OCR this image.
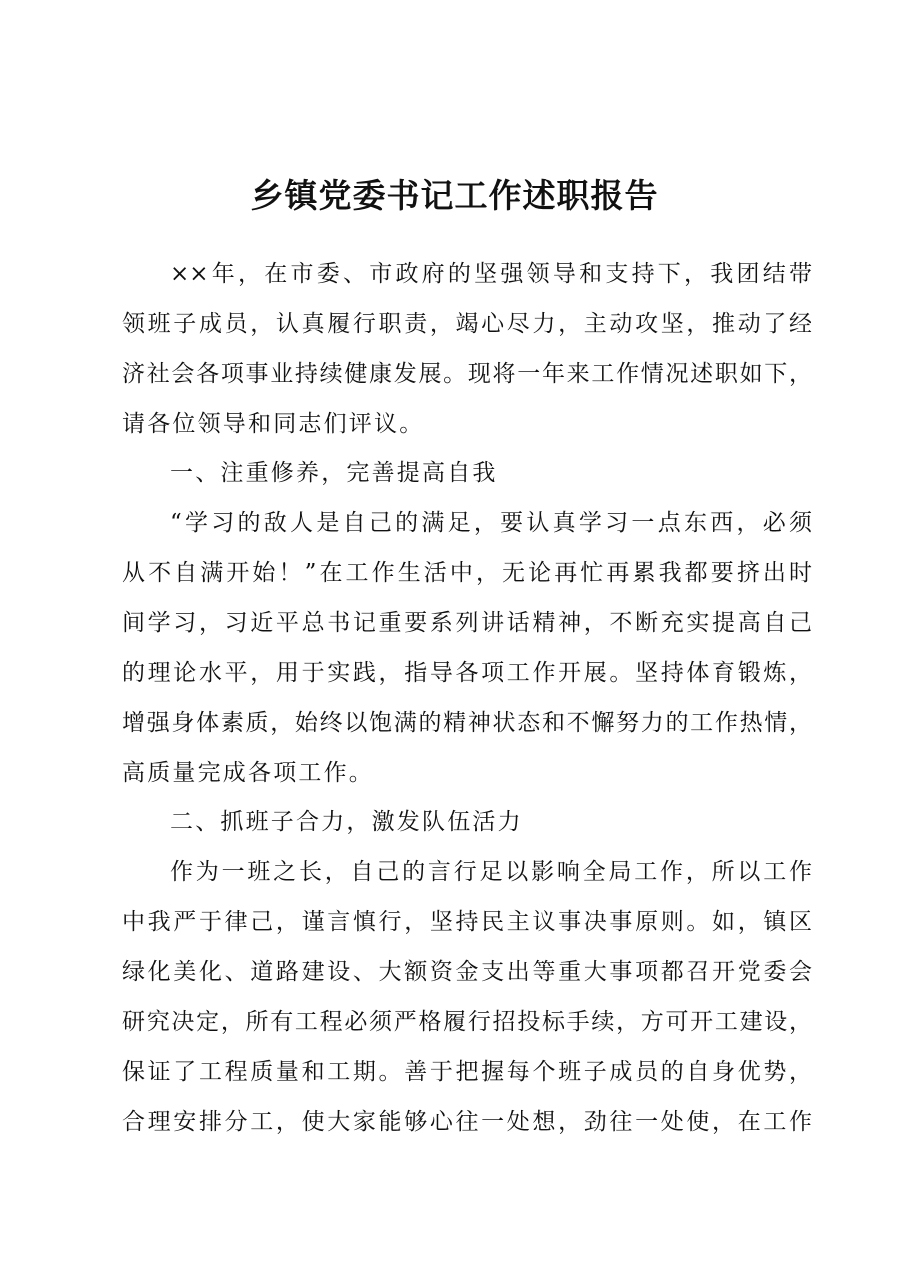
乡镇党委书记工作述职报告
××年，在市委、市政府的坚强领导和支持下，我团结带
领班子成员，认真履行职责，竭心尽力，主动攻坚，推动了经
济社会各项事业持续健康发展。现将一年来工作情况述职如下，
请各位领导和同志们评议。
一、注重修养，完善提高自我
“学习的敌人是自己的满足，要认真学习一点东西，必须
从不自满开始！”在工作生活中，无论再忙再累我都要挤出时
间学习，习近平总书记重要系列讲话精神，不断充实提高自己
的理论水平，用于实践，指导各项工作开展。坚持体育锻炼，
增强身体素质，始终以饱满的精神状态和不懈努力的工作热情，
高质量完成各项工作。
二、抓班子合力，激发队伍活力
作为一班之长，自己的言行足以影响全局工作，所以工作
中我严于律己，谨言慎行，坚持民主议事决事原则。如，镇区
绿化美化、道路建设、大额资金支出等重大事项都召开党委会
研究决定，所有工程必须严格履行招投标手续，方可开工建设，
保证了工程质量和工期。善于把握每个班子成员的自身优势，
合理安排分工，使大家能够心往一处想，劲往一处使，在工作
